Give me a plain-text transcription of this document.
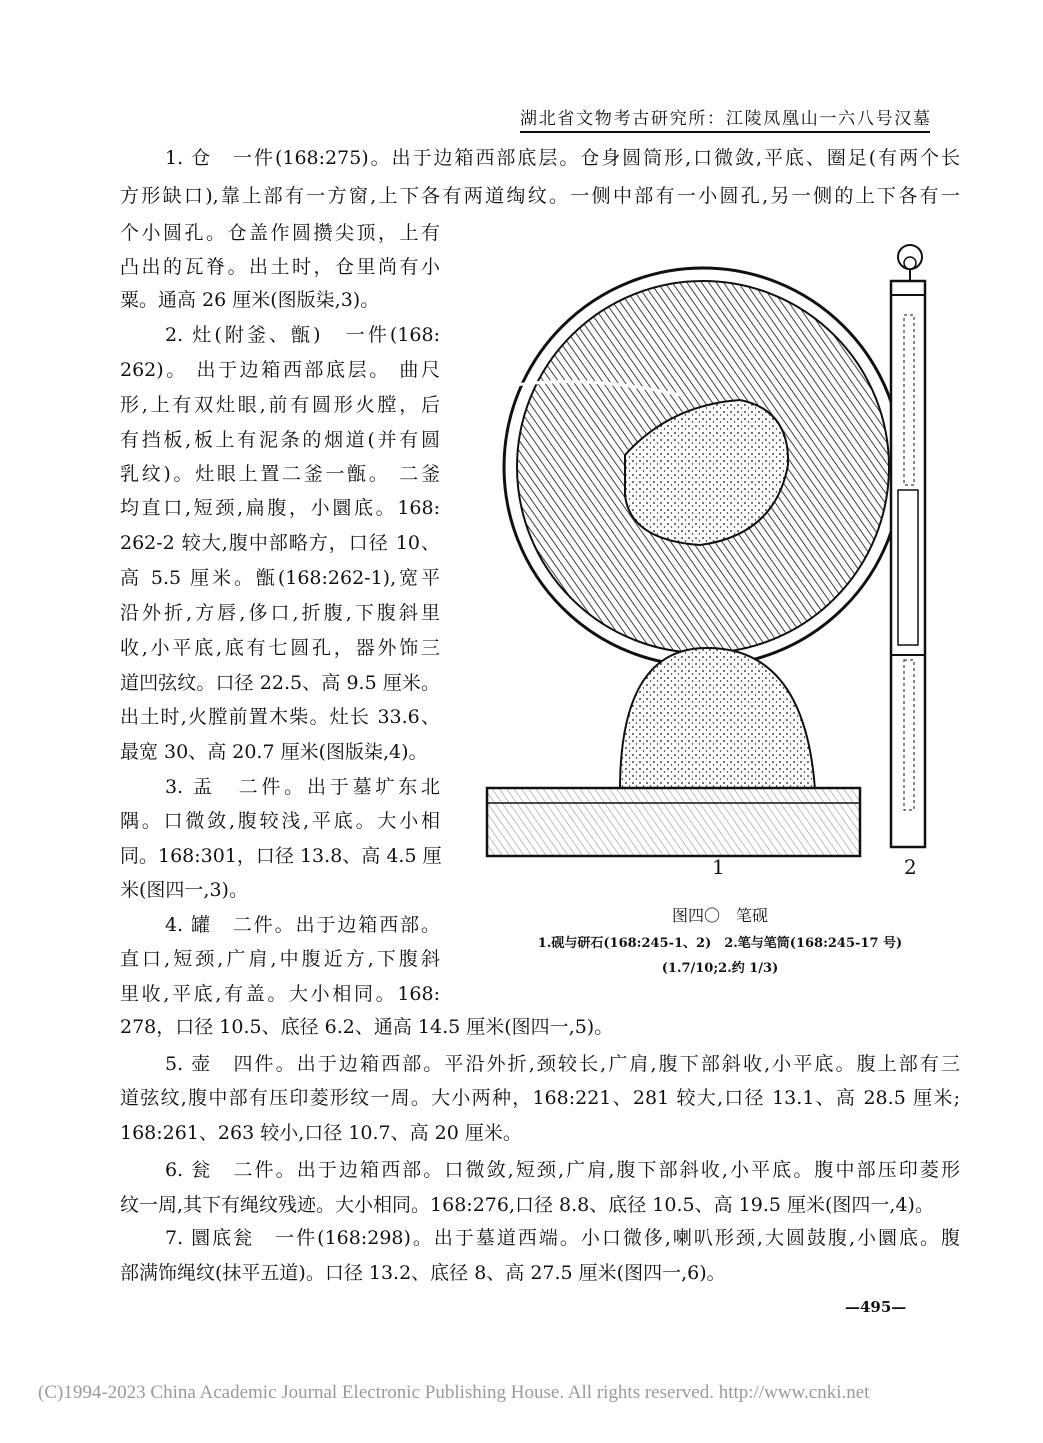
湖北省文物考古研究所：江陵凤凰山一六八号汉墓
1. 仓　一件(168:275)。出于边箱西部底层。仓身圆筒形,口微敛,平底、圈足(有两个长
方形缺口),靠上部有一方窗,上下各有两道绹纹。一侧中部有一小圆孔,另一侧的上下各有一
个小圆孔。仓盖作圆攒尖顶，上有
凸出的瓦脊。出土时，仓里尚有小
粟。通高 26 厘米(图版柒,3)。
2. 灶(附釜、甑)　一件(168:
262)。 出于边箱西部底层。 曲尺
形,上有双灶眼,前有圆形火膛，后
有挡板,板上有泥条的烟道(并有圆
乳纹)。灶眼上置二釜一甑。 二釜
均直口,短颈,扁腹，小圜底。168:
262-2 较大,腹中部略方，口径 10、
高 5.5 厘米。甑(168:262-1),宽平
沿外折,方唇,侈口,折腹,下腹斜里
收,小平底,底有七圆孔，器外饰三
道凹弦纹。口径 22.5、高 9.5 厘米。
出土时,火膛前置木柴。灶长 33.6、
最宽 30、高 20.7 厘米(图版柒,4)。
3. 盂　二件。出于墓圹东北
隅。口微敛,腹较浅,平底。大小相
同。168:301，口径 13.8、高 4.5 厘
米(图四一,3)。
4. 罐　二件。出于边箱西部。
直口,短颈,广肩,中腹近方,下腹斜
里收,平底,有盖。大小相同。168:
278，口径 10.5、底径 6.2、通高 14.5 厘米(图四一,5)。
5. 壶　四件。出于边箱西部。平沿外折,颈较长,广肩,腹下部斜收,小平底。腹上部有三
道弦纹,腹中部有压印菱形纹一周。大小两种，168:221、281 较大,口径 13.1、高 28.5 厘米;
168:261、263 较小,口径 10.7、高 20 厘米。
6. 瓮　二件。出于边箱西部。口微敛,短颈,广肩,腹下部斜收,小平底。腹中部压印菱形
纹一周,其下有绳纹残迹。大小相同。168:276,口径 8.8、底径 10.5、高 19.5 厘米(图四一,4)。
7. 圜底瓮　一件(168:298)。出于墓道西端。小口微侈,喇叭形颈,大圆鼓腹,小圜底。腹
部满饰绳纹(抹平五道)。口径 13.2、底径 8、高 27.5 厘米(图四一,6)。
1	2
图四〇　笔砚
1.砚与研石(168:245-1、2)　2.笔与笔筒(168:245-17 号)
(1.7/10;2.约 1/3)
—495—
(C)1994-2023 China Academic Journal Electronic Publishing House. All rights reserved. http://www.cnki.net
